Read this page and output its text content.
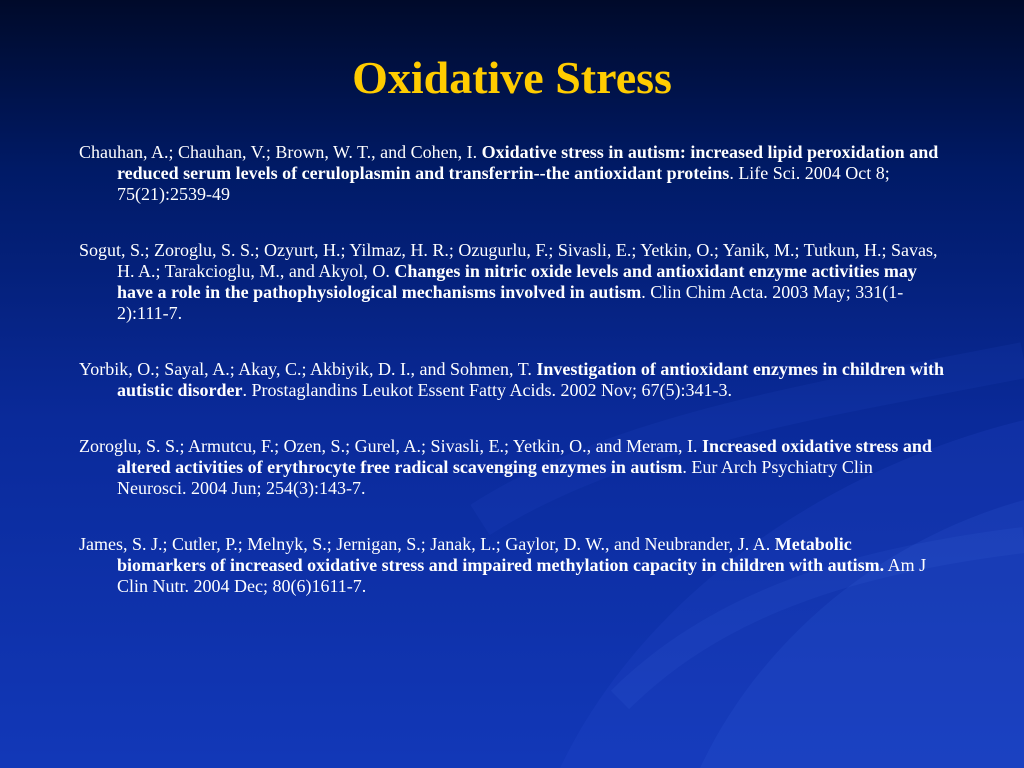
Oxidative Stress

Chauhan, A.; Chauhan, V.; Brown, W. T., and Cohen, I. Oxidative stress in autism: increased lipid peroxidation and reduced serum levels of ceruloplasmin and transferrin--the antioxidant proteins. Life Sci. 2004 Oct 8; 75(21):2539-49

Sogut, S.; Zoroglu, S. S.; Ozyurt, H.; Yilmaz, H. R.; Ozugurlu, F.; Sivasli, E.; Yetkin, O.; Yanik, M.; Tutkun, H.; Savas, H. A.; Tarakcioglu, M., and Akyol, O. Changes in nitric oxide levels and antioxidant enzyme activities may have a role in the pathophysiological mechanisms involved in autism. Clin Chim Acta. 2003 May; 331(1-2):111-7.

Yorbik, O.; Sayal, A.; Akay, C.; Akbiyik, D. I., and Sohmen, T. Investigation of antioxidant enzymes in children with autistic disorder. Prostaglandins Leukot Essent Fatty Acids. 2002 Nov; 67(5):341-3.

Zoroglu, S. S.; Armutcu, F.; Ozen, S.; Gurel, A.; Sivasli, E.; Yetkin, O., and Meram, I. Increased oxidative stress and altered activities of erythrocyte free radical scavenging enzymes in autism. Eur Arch Psychiatry Clin Neurosci. 2004 Jun; 254(3):143-7.

James, S. J.; Cutler, P.; Melnyk, S.; Jernigan, S.; Janak, L.; Gaylor, D. W., and Neubrander, J. A. Metabolic biomarkers of increased oxidative stress and impaired methylation capacity in children with autism. Am J Clin Nutr. 2004 Dec; 80(6)1611-7.
